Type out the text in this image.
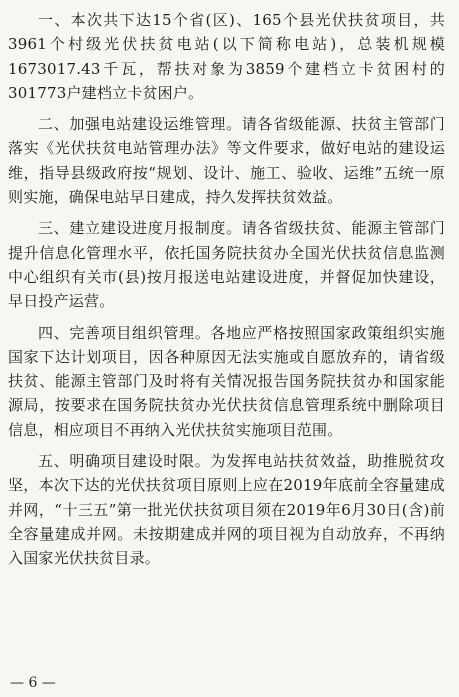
一、本次共下达15个省(区)、165个县光伏扶贫项目，共3961个村级光伏扶贫电站(以下简称电站)，总装机规模1673017.43千瓦，帮扶对象为3859个建档立卡贫困村的301773户建档立卡贫困户。

二、加强电站建设运维管理。请各省级能源、扶贫主管部门落实《光伏扶贫电站管理办法》等文件要求，做好电站的建设运维，指导县级政府按“规划、设计、施工、验收、运维”五统一原则实施，确保电站早日建成，持久发挥扶贫效益。

三、建立建设进度月报制度。请各省级扶贫、能源主管部门提升信息化管理水平，依托国务院扶贫办全国光伏扶贫信息监测中心组织有关市(县)按月报送电站建设进度，并督促加快建设，早日投产运营。

四、完善项目组织管理。各地应严格按照国家政策组织实施国家下达计划项目，因各种原因无法实施或自愿放弃的，请省级扶贫、能源主管部门及时将有关情况报告国务院扶贫办和国家能源局，按要求在国务院扶贫办光伏扶贫信息管理系统中删除项目信息，相应项目不再纳入光伏扶贫实施项目范围。

五、明确项目建设时限。为发挥电站扶贫效益，助推脱贫攻坚，本次下达的光伏扶贫项目原则上应在2019年底前全容量建成并网，“十三五”第一批光伏扶贫项目须在2019年6月30日(含)前全容量建成并网。未按期建成并网的项目视为自动放弃，不再纳入国家光伏扶贫目录。

— 6 —
